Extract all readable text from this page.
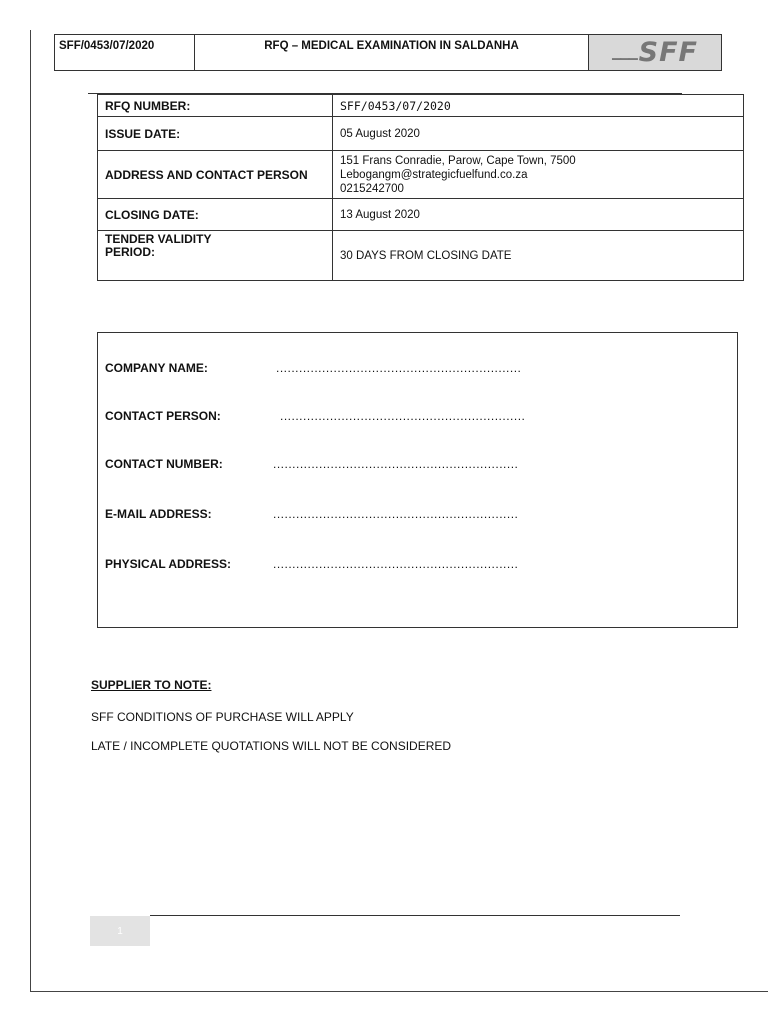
SFF/0453/07/2020	RFQ – MEDICAL EXAMINATION IN SALDANHA	▁▁▁ SFF
RFQ NUMBER:	SFF/0453/07/2020
ISSUE DATE:	05 August 2020
ADDRESS AND CONTACT PERSON	151 Frans Conradie, Parow, Cape Town, 7500
Lebogangm@strategicfuelfund.co.za
0215242700

CLOSING DATE:	13 August 2020

TENDER VALIDITY PERIOD:	30 DAYS FROM CLOSING DATE
COMPANY NAME:	................................................................
CONTACT PERSON:	................................................................
CONTACT NUMBER:	................................................................
E-MAIL ADDRESS:	................................................................
PHYSICAL ADDRESS:	................................................................
SUPPLIER TO NOTE:
SFF CONDITIONS OF PURCHASE WILL APPLY
LATE / INCOMPLETE QUOTATIONS WILL NOT BE CONSIDERED
1
